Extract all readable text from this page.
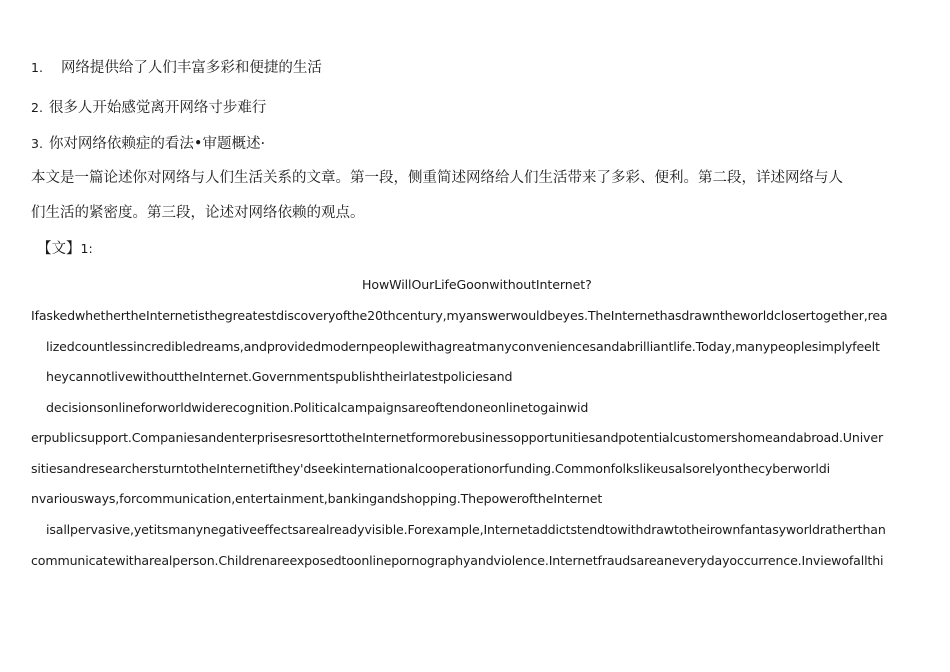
1. 网络提供给了人们丰富多彩和便捷的生活
2. 很多人开始感觉离开网络寸步难行
3. 你对网络依赖症的看法•审题概述·
本文是一篇论述你对网络与人们生活关系的文章。第一段，侧重简述网络给人们生活带来了多彩、便利。第二段，详述网络与人
们生活的紧密度。第三段，论述对网络依赖的观点。
【文】1:
HowWillOurLifeGoonwithoutInternet?
IfaskedwhethertheInternetisthegreatestdiscoveryofthe20thcentury,myanswerwouldbeyes.TheInternethasdrawntheworldclosertogether,rea
lizedcountlessincredibledreams,andprovidedmodernpeoplewithagreatmanyconveniencesandabrilliantlife.Today,manypeoplesimplyfeelt
heycannotlivewithouttheInternet.Governmentspublishtheirlatestpoliciesand
decisionsonlineforworldwiderecognition.Politicalcampaignsareoftendoneonlinetogainwid
erpublicsupport.CompaniesandenterprisesresorttotheInternetformorebusinessopportunitiesandpotentialcustomershomeandabroad.Univer
sitiesandresearchersturntotheInternetifthey'dseekinternationalcooperationorfunding.Commonfolkslikeusalsorelyonthecyberworldi
nvariousways,forcommunication,entertainment,bankingandshopping.ThepoweroftheInternet
isallpervasive,yetitsmanynegativeeffectsarealreadyvisible.Forexample,Internetaddictstendtowithdrawtotheirownfantasyworldratherthan
communicatewitharealperson.Childrenareexposedtoonlinepornographyandviolence.Internetfraudsareaneverydayoccurrence.Inviewofallthi
